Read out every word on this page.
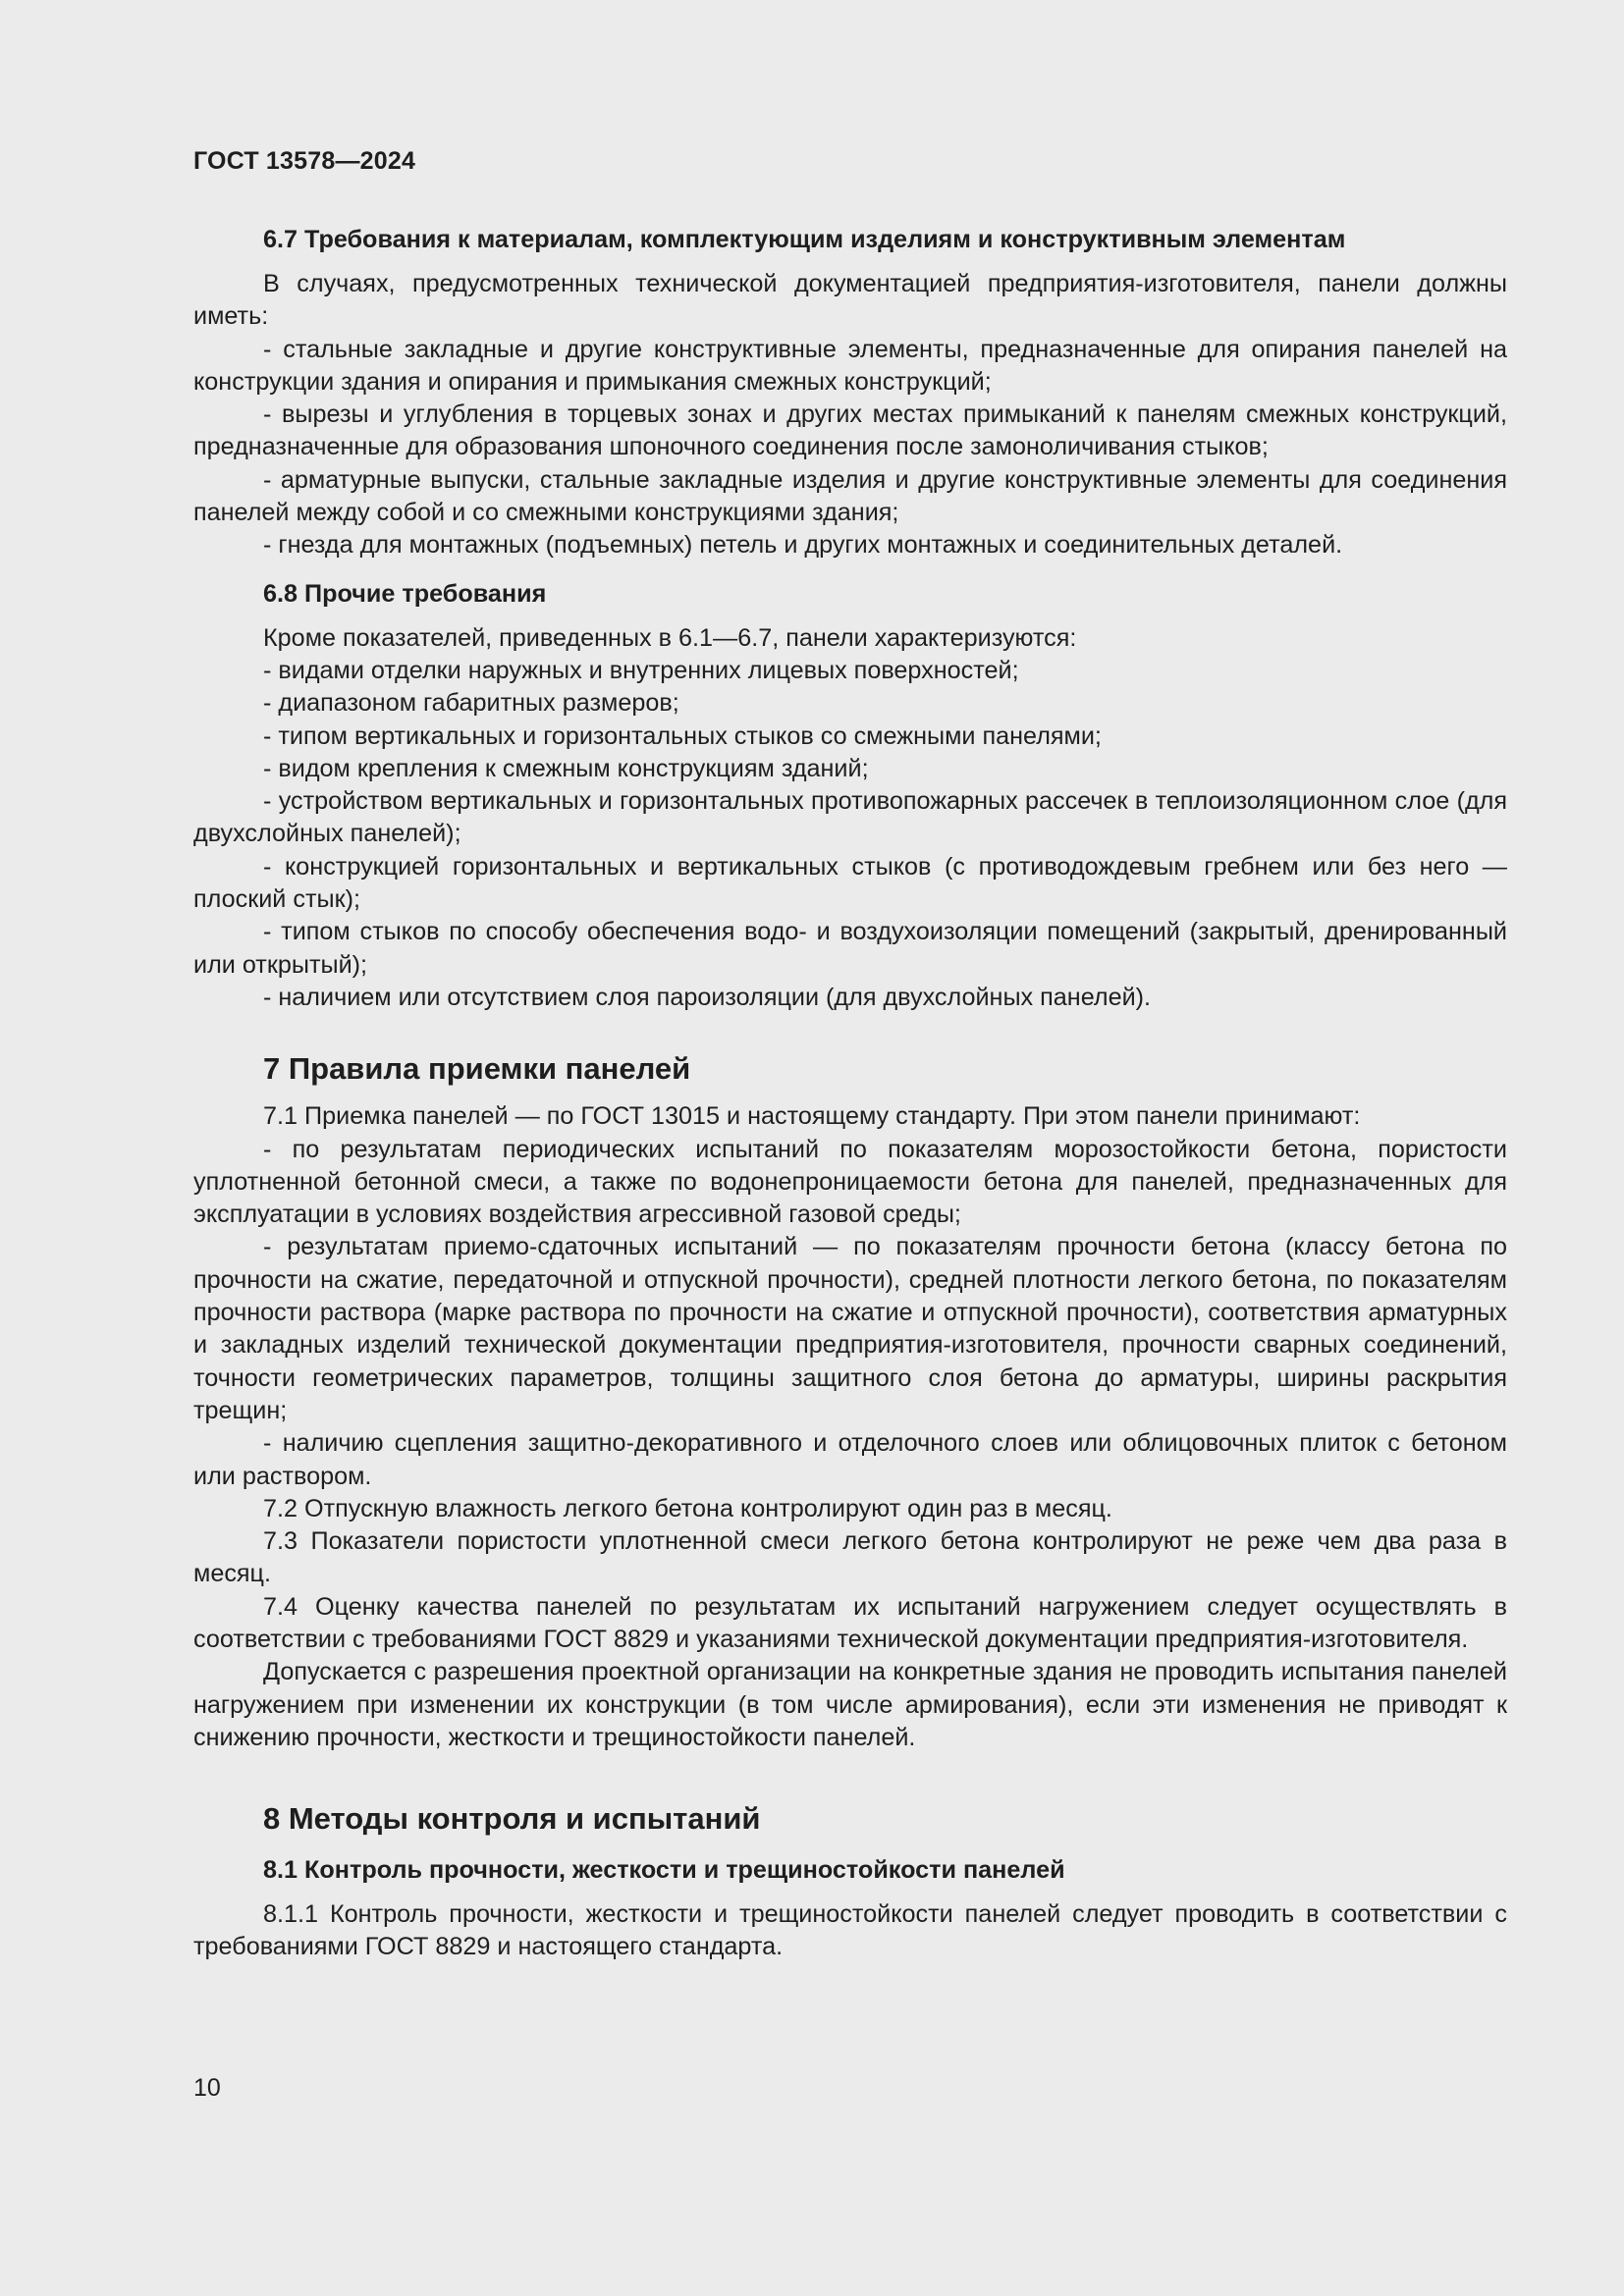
ГОСТ 13578—2024
6.7 Требования к материалам, комплектующим изделиям и конструктивным элементам

В случаях, предусмотренных технической документацией предприятия-изготовителя, панели должны иметь:

- стальные закладные и другие конструктивные элементы, предназначенные для опирания панелей на конструкции здания и опирания и примыкания смежных конструкций;

- вырезы и углубления в торцевых зонах и других местах примыканий к панелям смежных конструкций, предназначенные для образования шпоночного соединения после замоноличивания стыков;

- арматурные выпуски, стальные закладные изделия и другие конструктивные элементы для соединения панелей между собой и со смежными конструкциями здания;

- гнезда для монтажных (подъемных) петель и других монтажных и соединительных деталей.

6.8 Прочие требования

Кроме показателей, приведенных в 6.1—6.7, панели характеризуются:

- видами отделки наружных и внутренних лицевых поверхностей;

- диапазоном габаритных размеров;

- типом вертикальных и горизонтальных стыков со смежными панелями;

- видом крепления к смежным конструкциям зданий;

- устройством вертикальных и горизонтальных противопожарных рассечек в теплоизоляционном слое (для двухслойных панелей);

- конструкцией горизонтальных и вертикальных стыков (с противодождевым гребнем или без него — плоский стык);

- типом стыков по способу обеспечения водо- и воздухоизоляции помещений (закрытый, дренированный или открытый);

- наличием или отсутствием слоя пароизоляции (для двухслойных панелей).

7 Правила приемки панелей

7.1 Приемка панелей — по ГОСТ 13015 и настоящему стандарту. При этом панели принимают:

- по результатам периодических испытаний по показателям морозостойкости бетона, пористости уплотненной бетонной смеси, а также по водонепроницаемости бетона для панелей, предназначенных для эксплуатации в условиях воздействия агрессивной газовой среды;

- результатам приемо-сдаточных испытаний — по показателям прочности бетона (классу бетона по прочности на сжатие, передаточной и отпускной прочности), средней плотности легкого бетона, по показателям прочности раствора (марке раствора по прочности на сжатие и отпускной прочности), соответствия арматурных и закладных изделий технической документации предприятия-изготовителя, прочности сварных соединений, точности геометрических параметров, толщины защитного слоя бетона до арматуры, ширины раскрытия трещин;

- наличию сцепления защитно-декоративного и отделочного слоев или облицовочных плиток с бетоном или раствором.

7.2 Отпускную влажность легкого бетона контролируют один раз в месяц.

7.3 Показатели пористости уплотненной смеси легкого бетона контролируют не реже чем два раза в месяц.

7.4 Оценку качества панелей по результатам их испытаний нагружением следует осуществлять в соответствии с требованиями ГОСТ 8829 и указаниями технической документации предприятия-изготовителя.

Допускается с разрешения проектной организации на конкретные здания не проводить испытания панелей нагружением при изменении их конструкции (в том числе армирования), если эти изменения не приводят к снижению прочности, жесткости и трещиностойкости панелей.

8 Методы контроля и испытаний
8.1 Контроль прочности, жесткости и трещиностойкости панелей

8.1.1 Контроль прочности, жесткости и трещиностойкости панелей следует проводить в соответствии с требованиями ГОСТ 8829 и настоящего стандарта.

10
